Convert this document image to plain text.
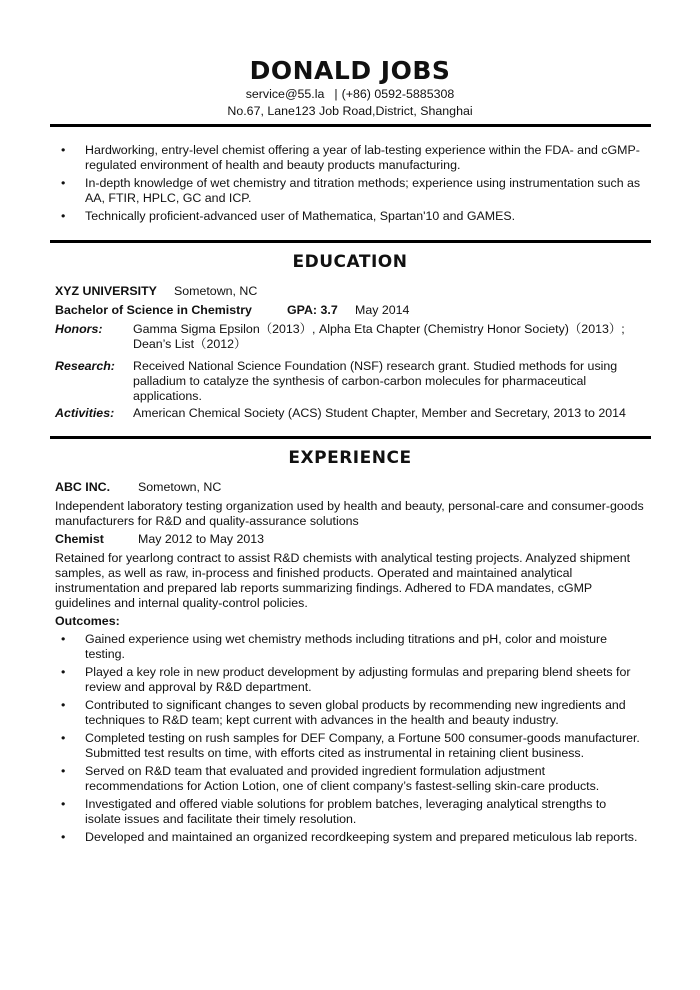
DONALD JOBS
service@55.la | (+86) 0592-5885308
No.67, Lane123 Job Road,District, Shanghai
• Hardworking, entry-level chemist offering a year of lab-testing experience within the FDA- and cGMP-regulated environment of health and beauty products manufacturing.
• In-depth knowledge of wet chemistry and titration methods; experience using instrumentation such as AA, FTIR, HPLC, GC and ICP.
• Technically proficient-advanced user of Mathematica, Spartan'10 and GAMES.
EDUCATION
XYZ UNIVERSITY Sometown, NC
Bachelor of Science in Chemistry	GPA: 3.7 May 2014
Honors: Gamma Sigma Epsilon（2013）, Alpha Eta Chapter (Chemistry Honor Society)（2013）; Dean’s List（2012）
Research: Received National Science Foundation (NSF) research grant. Studied methods for using palladium to catalyze the synthesis of carbon-carbon molecules for pharmaceutical applications.
Activities: American Chemical Society (ACS) Student Chapter, Member and Secretary, 2013 to 2014
EXPERIENCE
ABC INC. Sometown, NC
Independent laboratory testing organization used by health and beauty, personal-care and consumer-goods manufacturers for R&D and quality-assurance solutions
Chemist	May 2012 to May 2013
Retained for yearlong contract to assist R&D chemists with analytical testing projects. Analyzed shipment samples, as well as raw, in-process and finished products. Operated and maintained analytical instrumentation and prepared lab reports summarizing findings. Adhered to FDA mandates, cGMP guidelines and internal quality-control policies.
Outcomes:
• Gained experience using wet chemistry methods including titrations and pH, color and moisture testing.
• Played a key role in new product development by adjusting formulas and preparing blend sheets for review and approval by R&D department.
• Contributed to significant changes to seven global products by recommending new ingredients and techniques to R&D team; kept current with advances in the health and beauty industry.
• Completed testing on rush samples for DEF Company, a Fortune 500 consumer-goods manufacturer. Submitted test results on time, with efforts cited as instrumental in retaining client business.
• Served on R&D team that evaluated and provided ingredient formulation adjustment recommendations for Action Lotion, one of client company’s fastest-selling skin-care products.
• Investigated and offered viable solutions for problem batches, leveraging analytical strengths to isolate issues and facilitate their timely resolution.
• Developed and maintained an organized recordkeeping system and prepared meticulous lab reports.
